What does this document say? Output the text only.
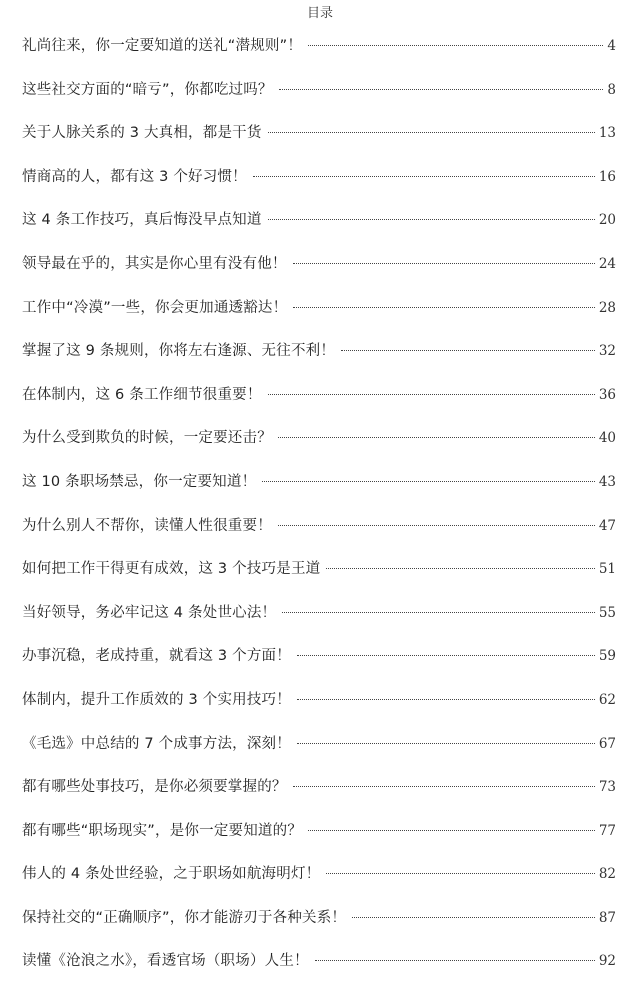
目录
礼尚往来，你一定要知道的送礼“潜规则”！	4
这些社交方面的“暗亏”，你都吃过吗？	8
关于人脉关系的 3 大真相，都是干货	13
情商高的人，都有这 3 个好习惯！	16
这 4 条工作技巧，真后悔没早点知道	20
领导最在乎的，其实是你心里有没有他！	24
工作中“冷漠”一些，你会更加通透豁达！	28
掌握了这 9 条规则，你将左右逢源、无往不利！	32
在体制内，这 6 条工作细节很重要！	36
为什么受到欺负的时候，一定要还击？	40
这 10 条职场禁忌，你一定要知道！	43
为什么别人不帮你，读懂人性很重要！	47
如何把工作干得更有成效，这 3 个技巧是王道	51
当好领导，务必牢记这 4 条处世心法！	55
办事沉稳，老成持重，就看这 3 个方面！	59
体制内，提升工作质效的 3 个实用技巧！	62
《毛选》中总结的 7 个成事方法，深刻！	67
都有哪些处事技巧，是你必须要掌握的？	73
都有哪些“职场现实”，是你一定要知道的？	77
伟人的 4 条处世经验，之于职场如航海明灯！	82
保持社交的“正确顺序”，你才能游刃于各种关系！	87
读懂《沧浪之水》，看透官场（职场）人生！	92
